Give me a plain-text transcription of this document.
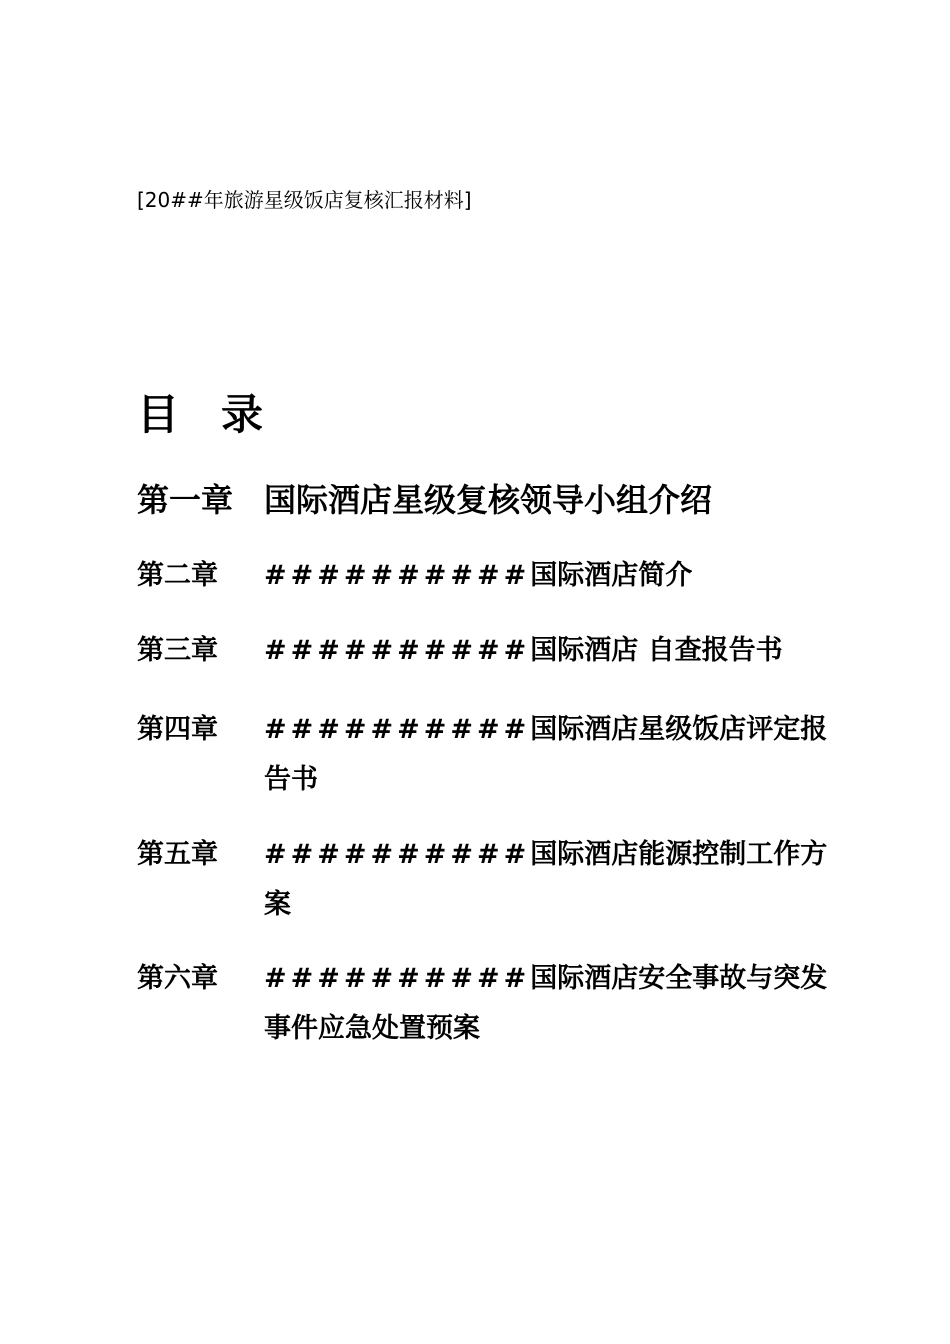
[20##年旅游星级饭店复核汇报材料]
目　录
第一章 国际酒店星级复核领导小组介绍
第二章 ##########国际酒店简介
第三章 ##########国际酒店 自查报告书
第四章 ##########国际酒店星级饭店评定报告书
第五章 ##########国际酒店能源控制工作方案
第六章 ##########国际酒店安全事故与突发事件应急处置预案
